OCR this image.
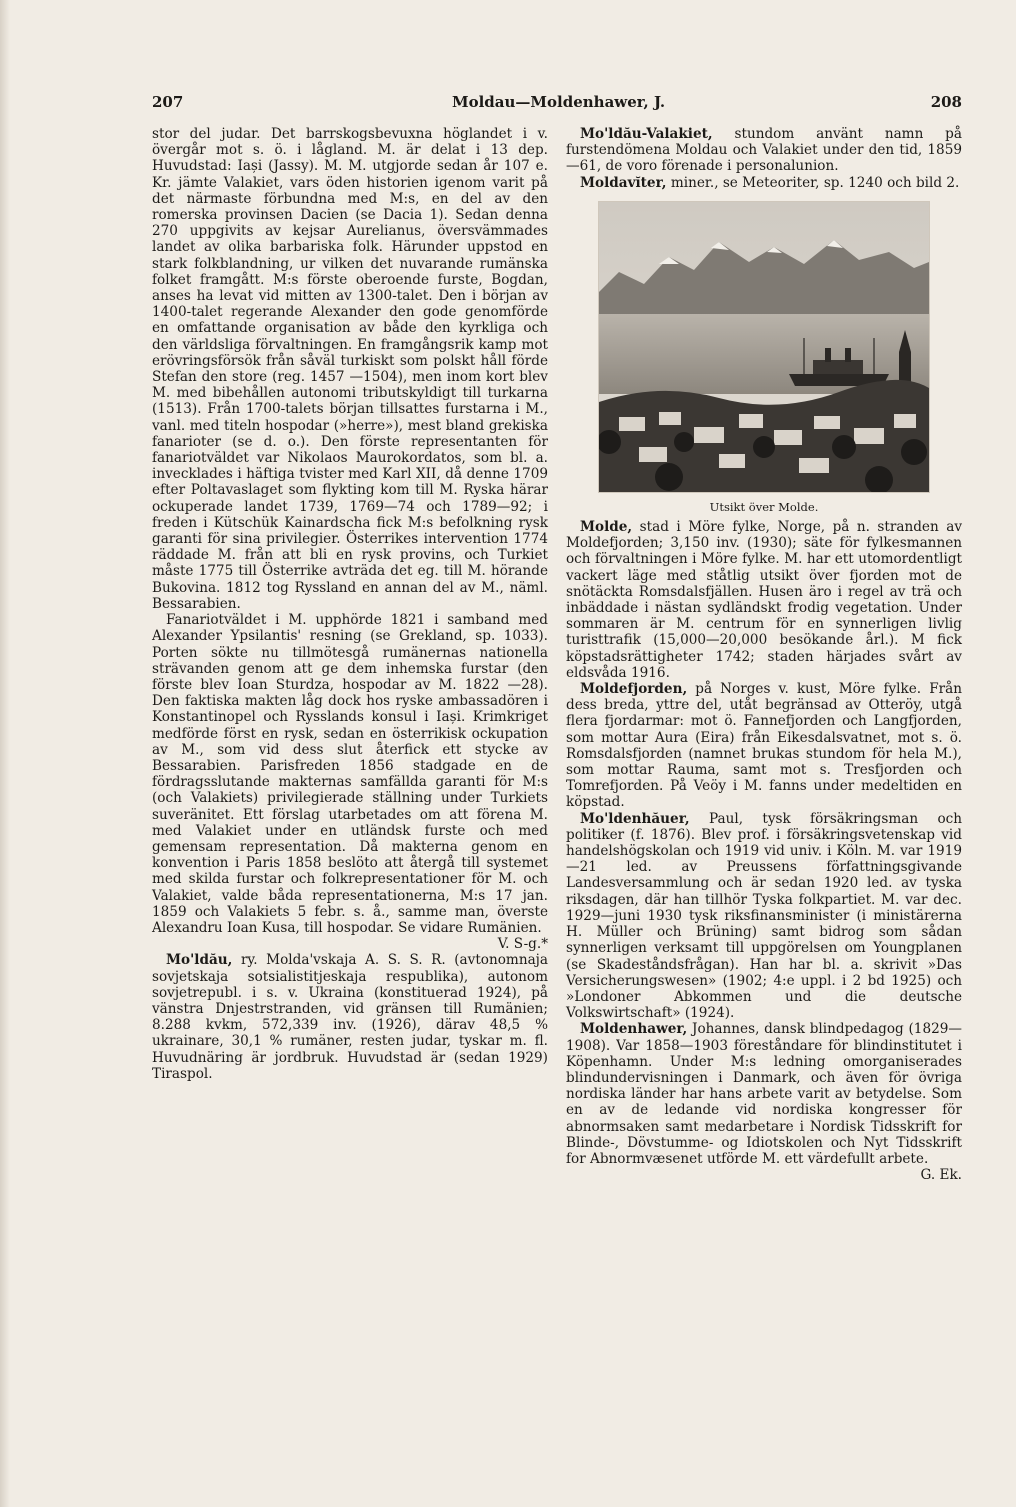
207	Moldau—Moldenhawer, J.	208

stor del judar. Det barrskogsbevuxna höglandet i v. övergår mot s. ö. i lågland. M. är delat i 13 dep. Huvudstad: Iași (Jassy). M. M. utgjorde sedan år 107 e. Kr. jämte Valakiet, vars öden historien igenom varit på det närmaste förbundna med M:s, en del av den romerska provinsen Dacien (se Dacia 1). Sedan denna 270 uppgivits av kejsar Aurelianus, översvämmades landet av olika barbariska folk. Härunder uppstod en stark folkblandning, ur vilken det nuvarande rumänska folket framgått. M:s förste oberoende furste, Bogdan, anses ha levat vid mitten av 1300-talet. Den i början av 1400-talet regerande Alexander den gode genomförde en omfattande organisation av både den kyrkliga och den världsliga förvaltningen. En framgångsrik kamp mot erövringsförsök från såväl turkiskt som polskt håll förde Stefan den store (reg. 1457 —1504), men inom kort blev M. med bibehållen autonomi tributskyldigt till turkarna (1513). Från 1700-talets början tillsattes furstarna i M., vanl. med titeln hospodar (»herre»), mest bland grekiska fanarioter (se d. o.). Den förste representanten för fanariotväldet var Nikolaos Maurokordatos, som bl. a. invecklades i häftiga tvister med Karl XII, då denne 1709 efter Poltavaslaget som flykting kom till M. Ryska härar ockuperade landet 1739, 1769—74 och 1789—92; i freden i Kütschük Kainardscha fick M:s befolkning rysk garanti för sina privilegier. Österrikes intervention 1774 räddade M. från att bli en rysk provins, och Turkiet måste 1775 till Österrike avträda det eg. till M. hörande Bukovina. 1812 tog Ryssland en annan del av M., näml. Bessarabien.

Fanariotväldet i M. upphörde 1821 i samband med Alexander Ypsilantis' resning (se Grekland, sp. 1033). Porten sökte nu tillmötesgå rumänernas nationella strävanden genom att ge dem inhemska furstar (den förste blev Ioan Sturdza, hospodar av M. 1822 —28). Den faktiska makten låg dock hos ryske ambassadören i Konstantinopel och Rysslands konsul i Iași. Krimkriget medförde först en rysk, sedan en österrikisk ockupation av M., som vid dess slut återfick ett stycke av Bessarabien. Parisfreden 1856 stadgade en de fördragsslutande makternas samfällda garanti för M:s (och Valakiets) privilegierade ställning under Turkiets suveränitet. Ett förslag utarbetades om att förena M. med Valakiet under en utländsk furste och med gemensam representation. Då makterna genom en konvention i Paris 1858 beslöto att återgå till systemet med skilda furstar och folkrepresentationer för M. och Valakiet, valde båda representationerna, M:s 17 jan. 1859 och Valakiets 5 febr. s. å., samme man, överste Alexandru Ioan Kusa, till hospodar. Se vidare Rumänien.
V. S-g.*

Mo'ldău, ry. Molda'vskaja A. S. S. R. (avtonomnaja sovjetskaja sotsialistitjeskaja respublika), autonom sovjetrepubl. i s. v. Ukraina (konstituerad 1924), på vänstra Dnjestrstranden, vid gränsen till Rumänien; 8.288 kvkm, 572,339 inv. (1926), därav 48,5 % ukrainare, 30,1 % rumäner, resten judar, tyskar m. fl. Huvudnäring är jordbruk. Huvudstad är (sedan 1929) Tiraspol.

Mo'ldău-Valakiet, stundom använt namn på furstendömena Moldau och Valakiet under den tid, 1859—61, de voro förenade i personalunion.

Moldavĭter, miner., se Meteoriter, sp. 1240 och bild 2.

Utsikt över Molde.

Molde, stad i Möre fylke, Norge, på n. stranden av Moldefjorden; 3,150 inv. (1930); säte för fylkesmannen och förvaltningen i Möre fylke. M. har ett utomordentligt vackert läge med ståtlig utsikt över fjorden mot de snötäckta Romsdalsfjällen. Husen äro i regel av trä och inbäddade i nästan sydländskt frodig vegetation. Under sommaren är M. centrum för en synnerligen livlig turisttrafik (15,000—20,000 besökande årl.). M fick köpstadsrättigheter 1742; staden härjades svårt av eldsvåda 1916.

Moldefjorden, på Norges v. kust, Möre fylke. Från dess breda, yttre del, utåt begränsad av Otteröy, utgå flera fjordarmar: mot ö. Fannefjorden och Langfjorden, som mottar Aura (Eira) från Eikesdalsvatnet, mot s. ö. Romsdalsfjorden (namnet brukas stundom för hela M.), som mottar Rauma, samt mot s. Tresfjorden och Tomrefjorden. På Veöy i M. fanns under medeltiden en köpstad.

Mo'ldenhăuer, Paul, tysk försäkringsman och politiker (f. 1876). Blev prof. i försäkringsvetenskap vid handelshögskolan och 1919 vid univ. i Köln. M. var 1919—21 led. av Preussens författningsgivande Landesversammlung och är sedan 1920 led. av tyska riksdagen, där han tillhör Tyska folkpartiet. M. var dec. 1929—juni 1930 tysk riksfinansminister (i ministärerna H. Müller och Brüning) samt bidrog som sådan synnerligen verksamt till uppgörelsen om Youngplanen (se Skadeståndsfrågan). Han har bl. a. skrivit »Das Versicherungswesen» (1902; 4:e uppl. i 2 bd 1925) och »Londoner Abkommen und die deutsche Volkswirtschaft» (1924).

Moldenhawer, Johannes, dansk blindpedagog (1829—1908). Var 1858—1903 föreståndare för blindinstitutet i Köpenhamn. Under M:s ledning omorganiserades blindundervisningen i Danmark, och även för övriga nordiska länder har hans arbete varit av betydelse. Som en av de ledande vid nordiska kongresser för abnormsaken samt medarbetare i Nordisk Tidsskrift for Blinde-, Dövstumme- og Idiotskolen och Nyt Tidsskrift for Abnormvæsenet utförde M. ett värdefullt arbete.
G. Ek.
